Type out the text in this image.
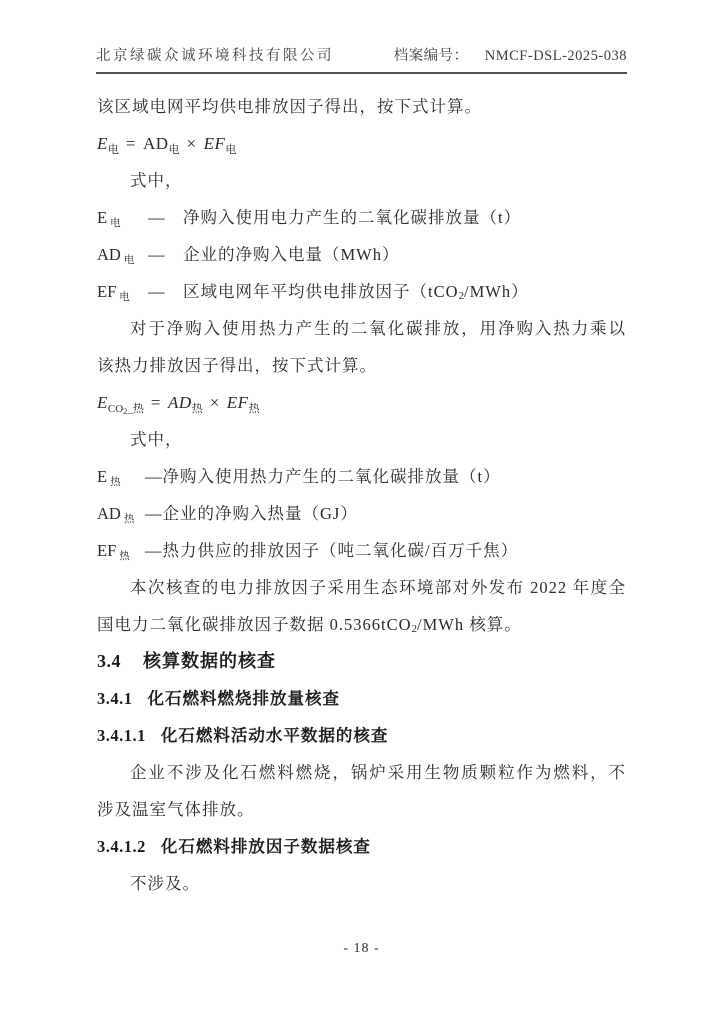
北京绿碳众诚环境科技有限公司	档案编号： NMCF-DSL-2025-038

该区域电网平均供电排放因子得出，按下式计算。

$E_电 = AD_电 \times EF_电$

式中，

E $_电$ —　净购入使用电力产生的二氧化碳排放量（t）
AD $_电$ —　企业的净购入电量（MWh）
EF $_电$ —　区域电网年平均供电排放因子（tCO$_2$/MWh）

对于净购入使用热力产生的二氧化碳排放，用净购入热力乘以

该热力排放因子得出，按下式计算。

$E_{CO2\_热} = AD_热 \times EF_热$

式中，

E $_热$ —净购入使用热力产生的二氧化碳排放量（t）
AD $_热$ —企业的净购入热量（GJ）
EF $_热$ —热力供应的排放因子（吨二氧化碳/百万千焦）

本次核查的电力排放因子采用生态环境部对外发布 2022 年度全

国电力二氧化碳排放因子数据 0.5366tCO$_2$/MWh 核算。

3.4 核算数据的核查
3.4.1 化石燃料燃烧排放量核查
3.4.1.1 化石燃料活动水平数据的核查

企业不涉及化石燃料燃烧，锅炉采用生物质颗粒作为燃料，不

涉及温室气体排放。

3.4.1.2 化石燃料排放因子数据核查

不涉及。

- 18 -
